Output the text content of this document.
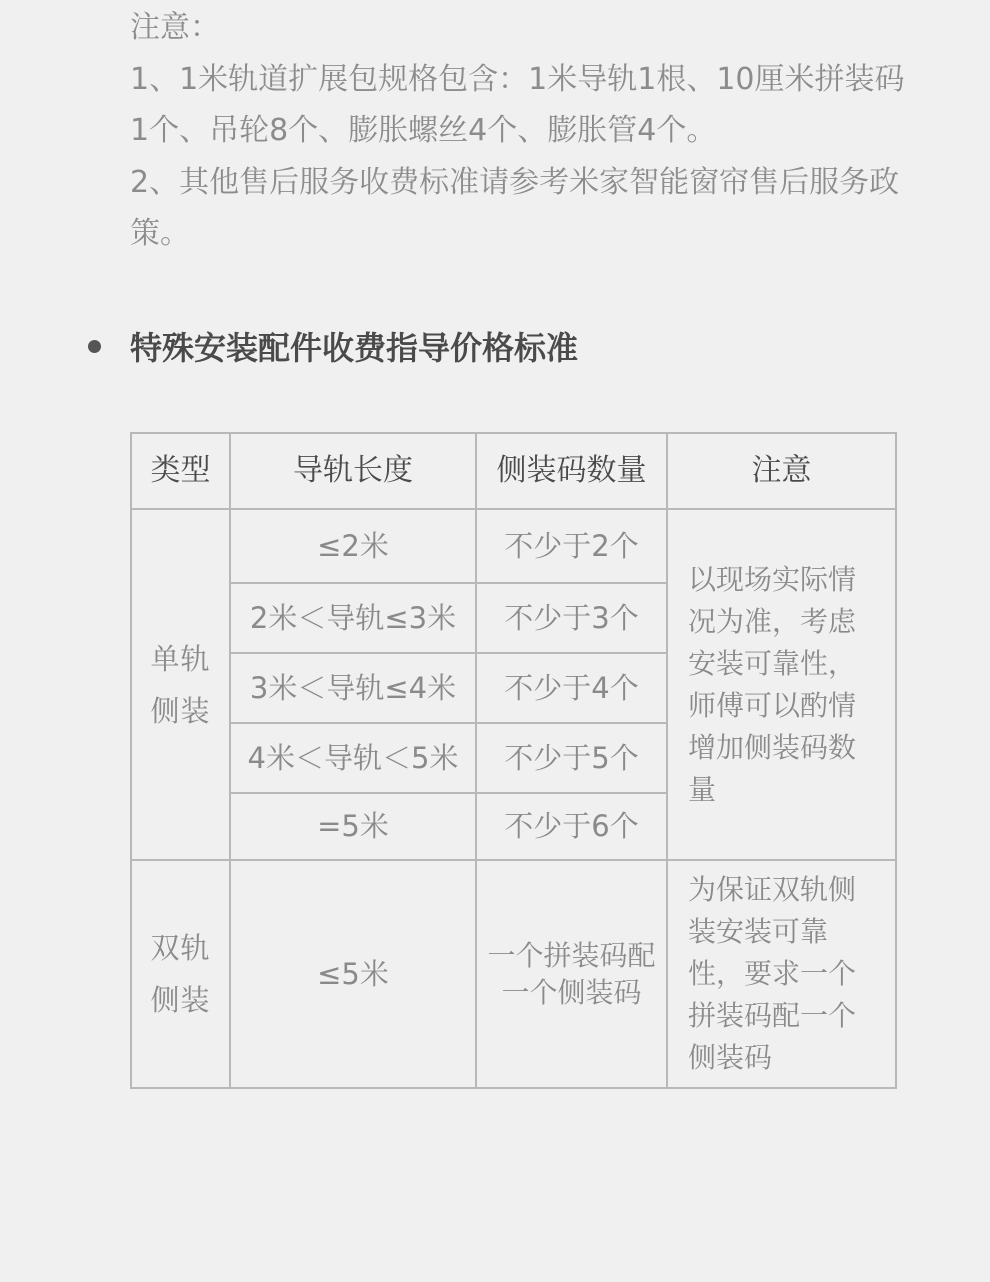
注意：

1、1米轨道扩展包规格包含：1米导轨1根、10厘米拼装码1个、吊轮8个、膨胀螺丝4个、膨胀管4个。

2、其他售后服务收费标准请参考米家智能窗帘售后服务政策。

特殊安装配件收费指导价格标准
类型	导轨长度	侧装码数量	注意
单轨
侧装	≤2米	不少于2个	以现场实际情况为准，考虑安装可靠性，师傅可以酌情增加侧装码数量
	2米＜导轨≤3米	不少于3个	
	3米＜导轨≤4米	不少于4个	
	4米＜导轨＜5米	不少于5个	
	=5米	不少于6个	
双轨
侧装	≤5米	一个拼装码配一个侧装码	为保证双轨侧装安装可靠性，要求一个拼装码配一个侧装码
